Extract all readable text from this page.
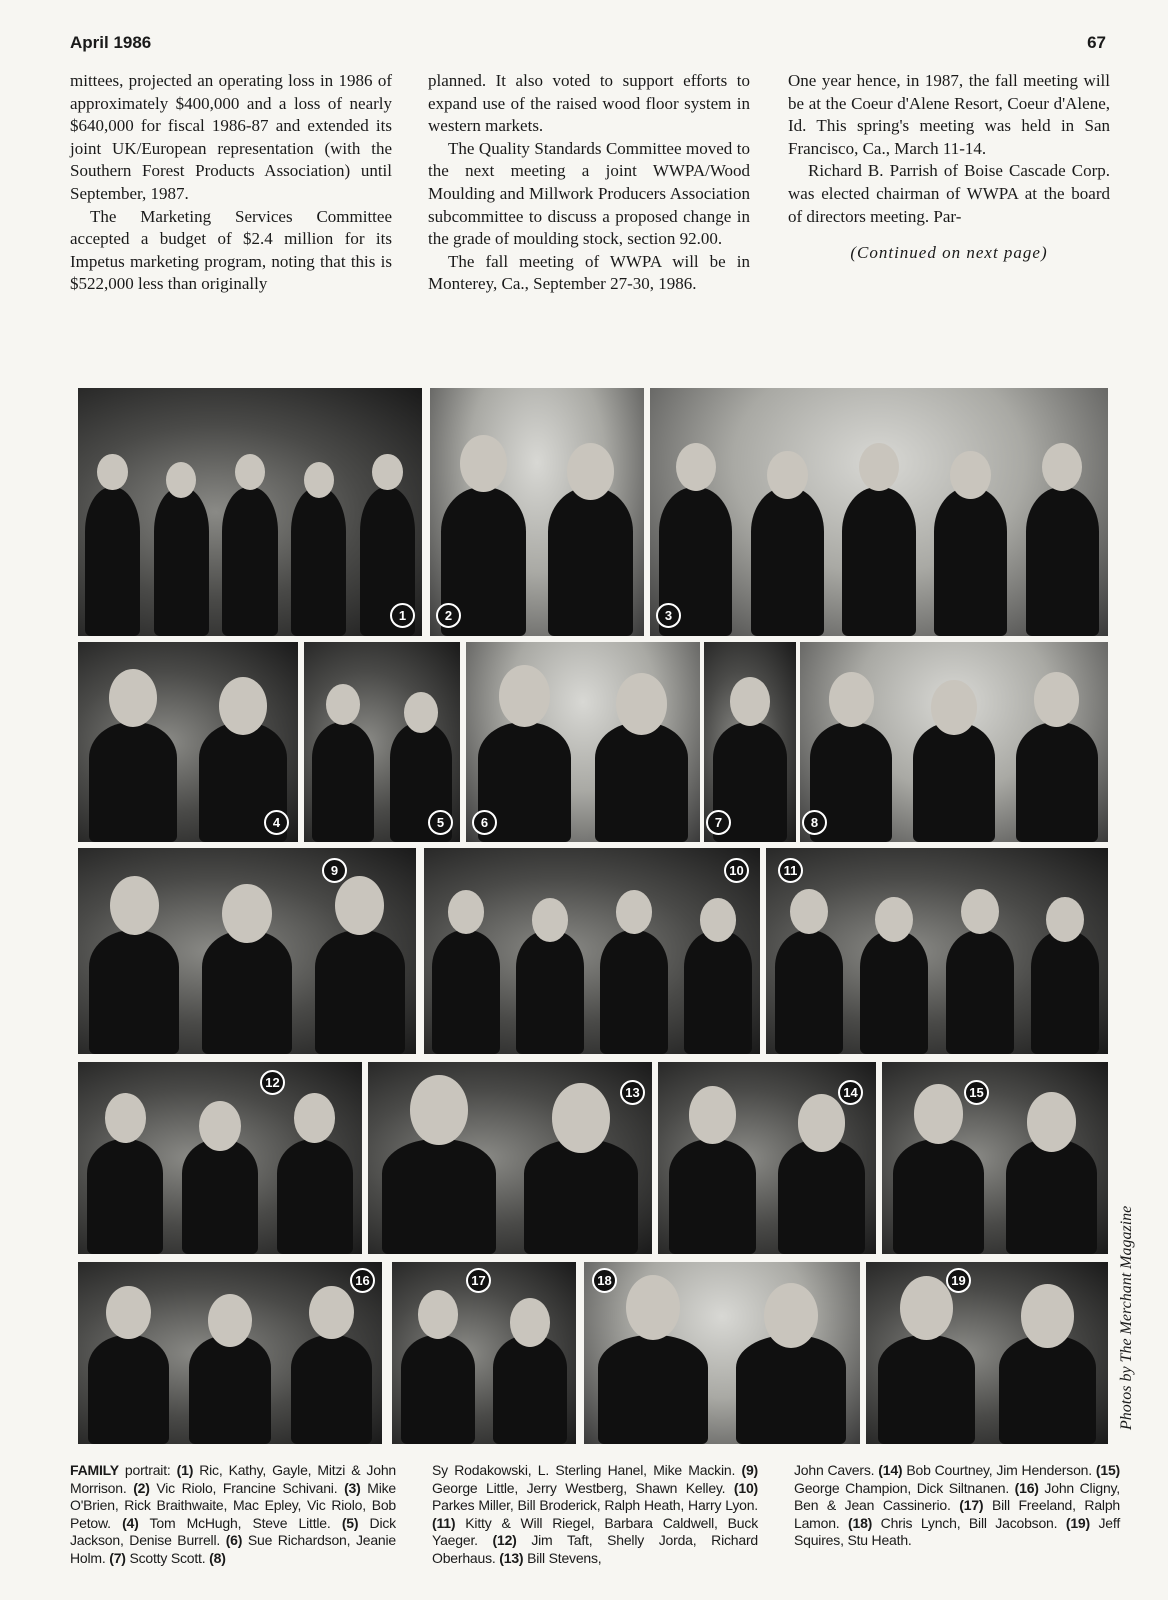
April 1986	67

mittees, projected an operating loss in 1986 of approximately $400,000 and a loss of nearly $640,000 for fiscal 1986-87 and extended its joint UK/European representation (with the Southern Forest Products Association) until September, 1987.

The Marketing Services Committee accepted a budget of $2.4 million for its Impetus marketing program, noting that this is $522,000 less than originally

planned. It also voted to support efforts to expand use of the raised wood floor system in western markets.

The Quality Standards Committee moved to the next meeting a joint WWPA/Wood Moulding and Millwork Producers Association subcommittee to discuss a proposed change in the grade of moulding stock, section 92.00.

The fall meeting of WWPA will be in Monterey, Ca., September 27-30, 1986.

One year hence, in 1987, the fall meeting will be at the Coeur d'Alene Resort, Coeur d'Alene, Id. This spring's meeting was held in San Francisco, Ca., March 11-14.

Richard B. Parrish of Boise Cascade Corp. was elected chairman of WWPA at the board of directors meeting. Par-

(Continued on next page)

1	2	3
4	5	6	7	8
9	10	11
12
13	14	15
16	17	18	19	Photos by The Merchant Magazine
FAMILY portrait: (1) Ric, Kathy, Gayle, Mitzi & John Morrison. (2) Vic Riolo, Francine Schivani. (3) Mike O'Brien, Rick Braithwaite, Mac Epley, Vic Riolo, Bob Petow. (4) Tom McHugh, Steve Little. (5) Dick Jackson, Denise Burrell. (6) Sue Richardson, Jeanie Holm. (7) Scotty Scott. (8)
Sy Rodakowski, L. Sterling Hanel, Mike Mackin. (9) George Little, Jerry Westberg, Shawn Kelley. (10) Parkes Miller, Bill Broderick, Ralph Heath, Harry Lyon. (11) Kitty & Will Riegel, Barbara Caldwell, Buck Yaeger. (12) Jim Taft, Shelly Jorda, Richard Oberhaus. (13) Bill Stevens,
John Cavers. (14) Bob Courtney, Jim Henderson. (15) George Champion, Dick Siltnanen. (16) John Cligny, Ben & Jean Cassinerio. (17) Bill Freeland, Ralph Lamon. (18) Chris Lynch, Bill Jacobson. (19) Jeff Squires, Stu Heath.
